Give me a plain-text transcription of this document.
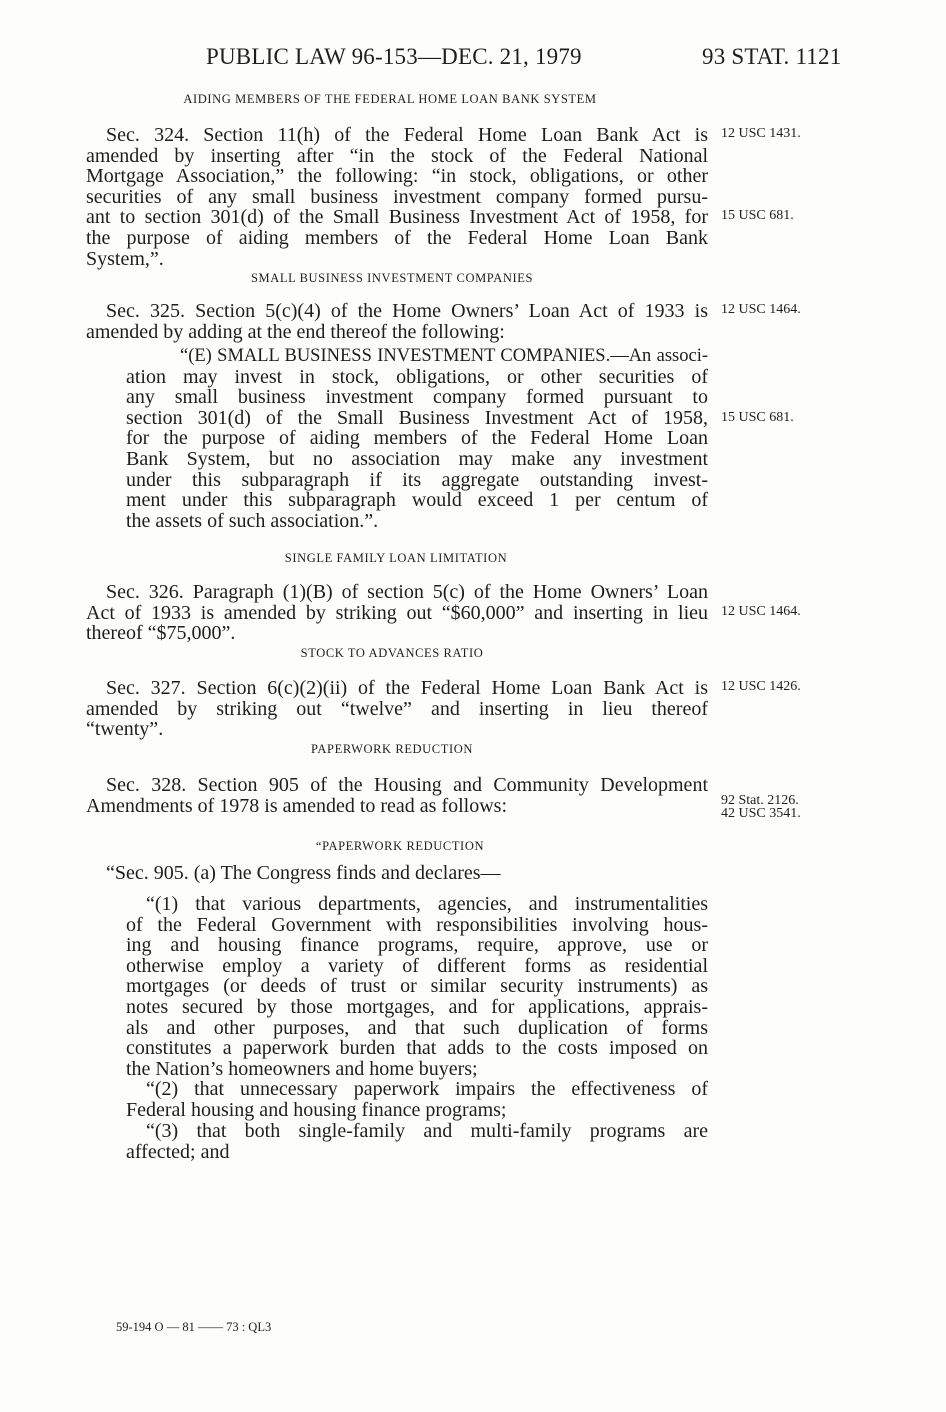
PUBLIC LAW 96-153—DEC. 21, 1979	93 STAT. 1121
AIDING MEMBERS OF THE FEDERAL HOME LOAN BANK SYSTEM
Sec. 324. Section 11(h) of the Federal Home Loan Bank Act is
amended by inserting after “in the stock of the Federal National
Mortgage Association,” the following: “in stock, obligations, or other
securities of any small business investment company formed pursu-
ant to section 301(d) of the Small Business Investment Act of 1958, for
the purpose of aiding members of the Federal Home Loan Bank
System,”.
SMALL BUSINESS INVESTMENT COMPANIES
Sec. 325. Section 5(c)(4) of the Home Owners’ Loan Act of 1933 is
amended by adding at the end thereof the following:
“(E) SMALL BUSINESS INVESTMENT COMPANIES.—An associ-
ation may invest in stock, obligations, or other securities of
any small business investment company formed pursuant to
section 301(d) of the Small Business Investment Act of 1958,
for the purpose of aiding members of the Federal Home Loan
Bank System, but no association may make any investment
under this subparagraph if its aggregate outstanding invest-
ment under this subparagraph would exceed 1 per centum of
the assets of such association.”.
SINGLE FAMILY LOAN LIMITATION
Sec. 326. Paragraph (1)(B) of section 5(c) of the Home Owners’ Loan
Act of 1933 is amended by striking out “$60,000” and inserting in lieu
thereof “$75,000”.
STOCK TO ADVANCES RATIO
Sec. 327. Section 6(c)(2)(ii) of the Federal Home Loan Bank Act is
amended by striking out “twelve” and inserting in lieu thereof
“twenty”.
PAPERWORK REDUCTION
Sec. 328. Section 905 of the Housing and Community Development
Amendments of 1978 is amended to read as follows:
“PAPERWORK REDUCTION
“Sec. 905. (a) The Congress finds and declares—
“(1) that various departments, agencies, and instrumentalities
of the Federal Government with responsibilities involving hous-
ing and housing finance programs, require, approve, use or
otherwise employ a variety of different forms as residential
mortgages (or deeds of trust or similar security instruments) as
notes secured by those mortgages, and for applications, apprais-
als and other purposes, and that such duplication of forms
constitutes a paperwork burden that adds to the costs imposed on
the Nation’s homeowners and home buyers;
“(2) that unnecessary paperwork impairs the effectiveness of
Federal housing and housing finance programs;
“(3) that both single-family and multi-family programs are
affected; and
12 USC 1431.
15 USC 681.
12 USC 1464.
15 USC 681.
12 USC 1464.
12 USC 1426.
92 Stat. 2126.
42 USC 3541.
59-194 O — 81 —— 73 : QL3
